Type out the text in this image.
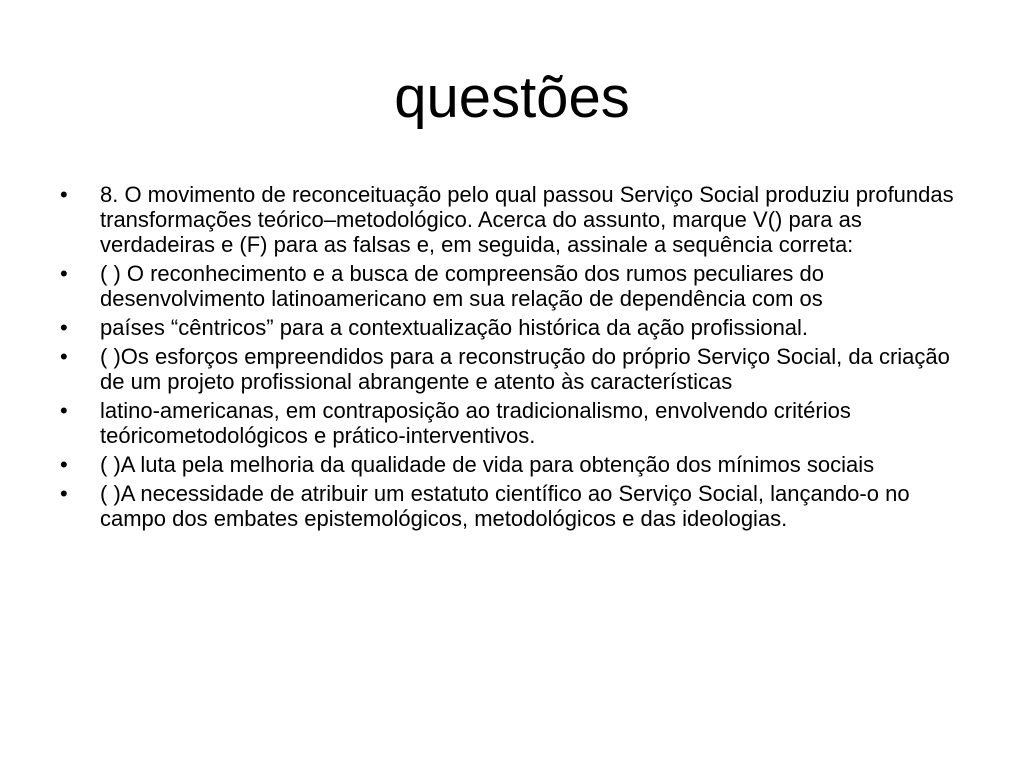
questões
•	8. O movimento de reconceituação pelo qual passou Serviço Social produziu profundas transformações teórico–metodológico. Acerca do assunto, marque V() para as verdadeiras e (F) para as falsas e, em seguida, assinale a sequência correta:
•	( ) O reconhecimento e a busca de compreensão dos rumos peculiares do desenvolvimento latinoamericano em sua relação de dependência com os
•	países “cêntricos” para a contextualização histórica da ação profissional.
•	( )Os esforços empreendidos para a reconstrução do próprio Serviço Social, da criação de um projeto profissional abrangente e atento às características
•	latino-americanas, em contraposição ao tradicionalismo, envolvendo critérios teóricometodológicos e prático-interventivos.
•	( )A luta pela melhoria da qualidade de vida para obtenção dos mínimos sociais
•	( )A necessidade de atribuir um estatuto científico ao Serviço Social, lançando-o no campo dos embates epistemológicos, metodológicos e das ideologias.
